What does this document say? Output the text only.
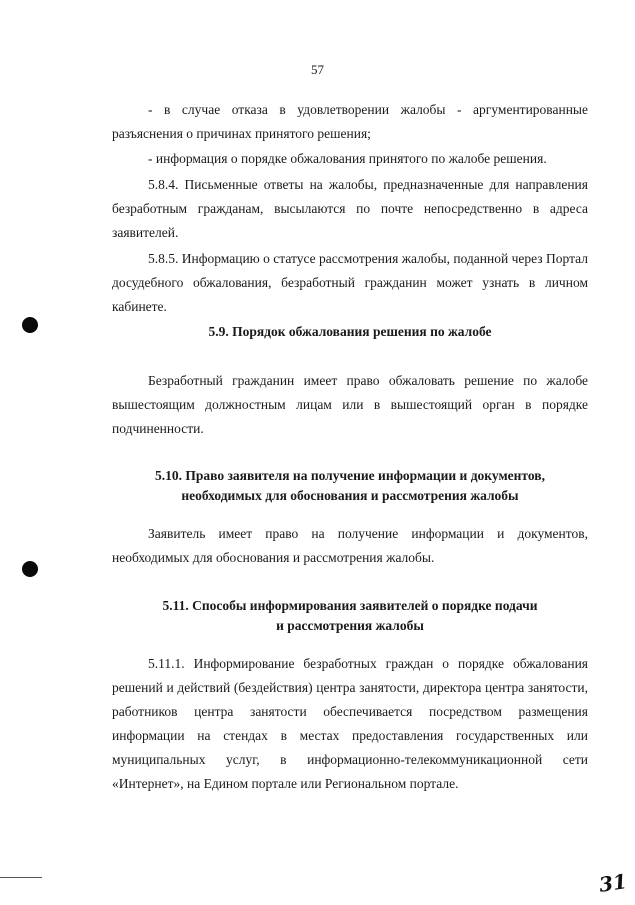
57
- в случае отказа в удовлетворении жалобы - аргументированные разъяснения о причинах принятого решения;
- информация о порядке обжалования принятого по жалобе решения.
5.8.4. Письменные ответы на жалобы, предназначенные для направления безработным гражданам, высылаются по почте непосредственно в адреса заявителей.
5.8.5. Информацию о статусе рассмотрения жалобы, поданной через Портал досудебного обжалования, безработный гражданин может узнать в личном кабинете.
5.9. Порядок обжалования решения по жалобе
Безработный гражданин имеет право обжаловать решение по жалобе вышестоящим должностным лицам или в вышестоящий орган в порядке подчиненности.
5.10. Право заявителя на получение информации и документов,
необходимых для обоснования и рассмотрения жалобы
Заявитель имеет право на получение информации и документов, необходимых для обоснования и рассмотрения жалобы.
5.11. Способы информирования заявителей о порядке подачи
и рассмотрения жалобы
5.11.1. Информирование безработных граждан о порядке обжалования решений и действий (бездействия) центра занятости, директора центра занятости, работников центра занятости обеспечивается посредством размещения информации на стендах в местах предоставления государственных или муниципальных услуг, в информационно-телекоммуникационной сети «Интернет», на Едином портале или Региональном портале.
31
